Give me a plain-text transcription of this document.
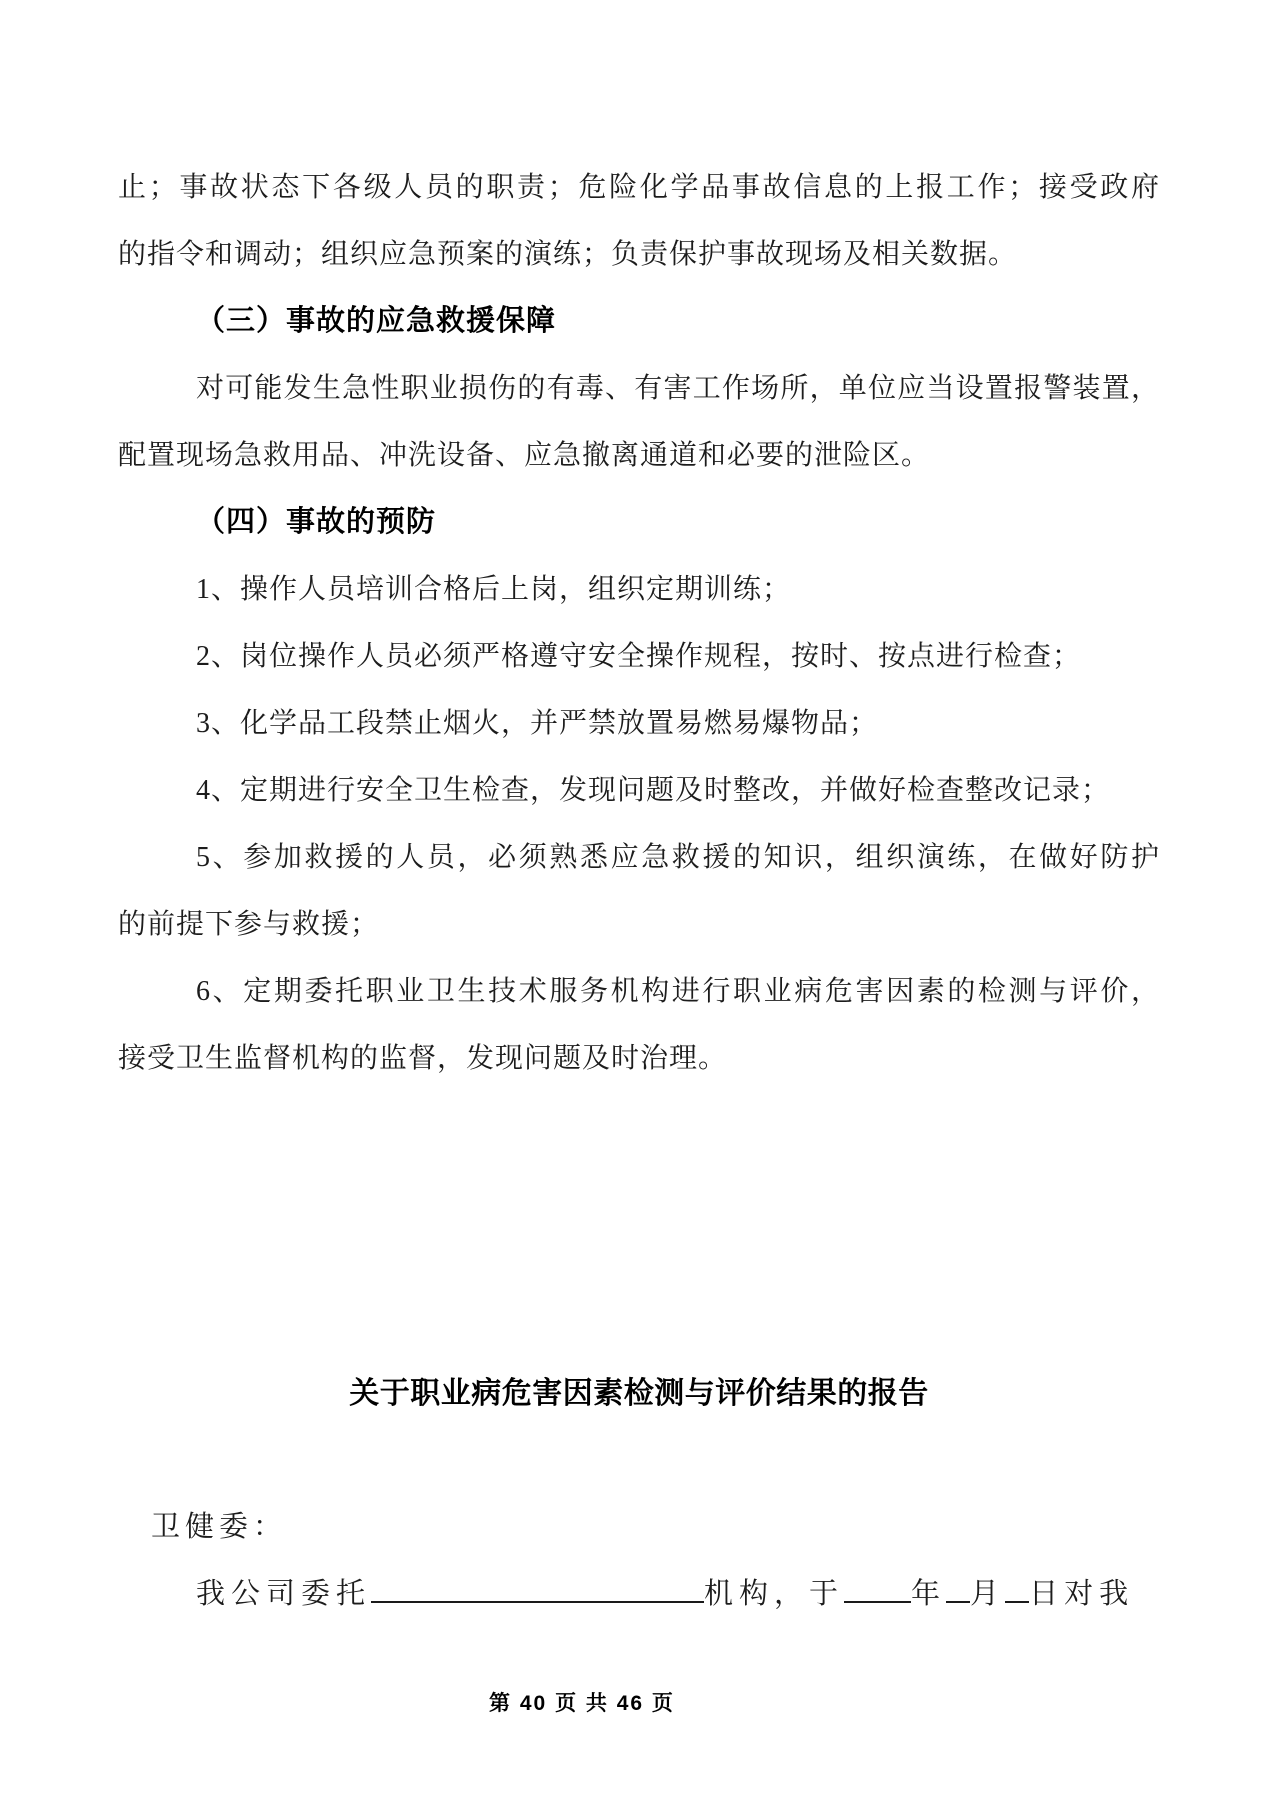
止；事故状态下各级人员的职责；危险化学品事故信息的上报工作；接受政府
的指令和调动；组织应急预案的演练；负责保护事故现场及相关数据。
（三）事故的应急救援保障
对可能发生急性职业损伤的有毒、有害工作场所，单位应当设置报警装置，
配置现场急救用品、冲洗设备、应急撤离通道和必要的泄险区。
（四）事故的预防
1、操作人员培训合格后上岗，组织定期训练；
2、岗位操作人员必须严格遵守安全操作规程，按时、按点进行检查；
3、化学品工段禁止烟火，并严禁放置易燃易爆物品；
4、定期进行安全卫生检查，发现问题及时整改，并做好检查整改记录；
5、参加救援的人员，必须熟悉应急救援的知识，组织演练，在做好防护
的前提下参与救援；
6、定期委托职业卫生技术服务机构进行职业病危害因素的检测与评价，
接受卫生监督机构的监督，发现问题及时治理。
关于职业病危害因素检测与评价结果的报告
卫健委：
我公司委托	机构，于 年 月 日对我
第 40 页 共 46 页
